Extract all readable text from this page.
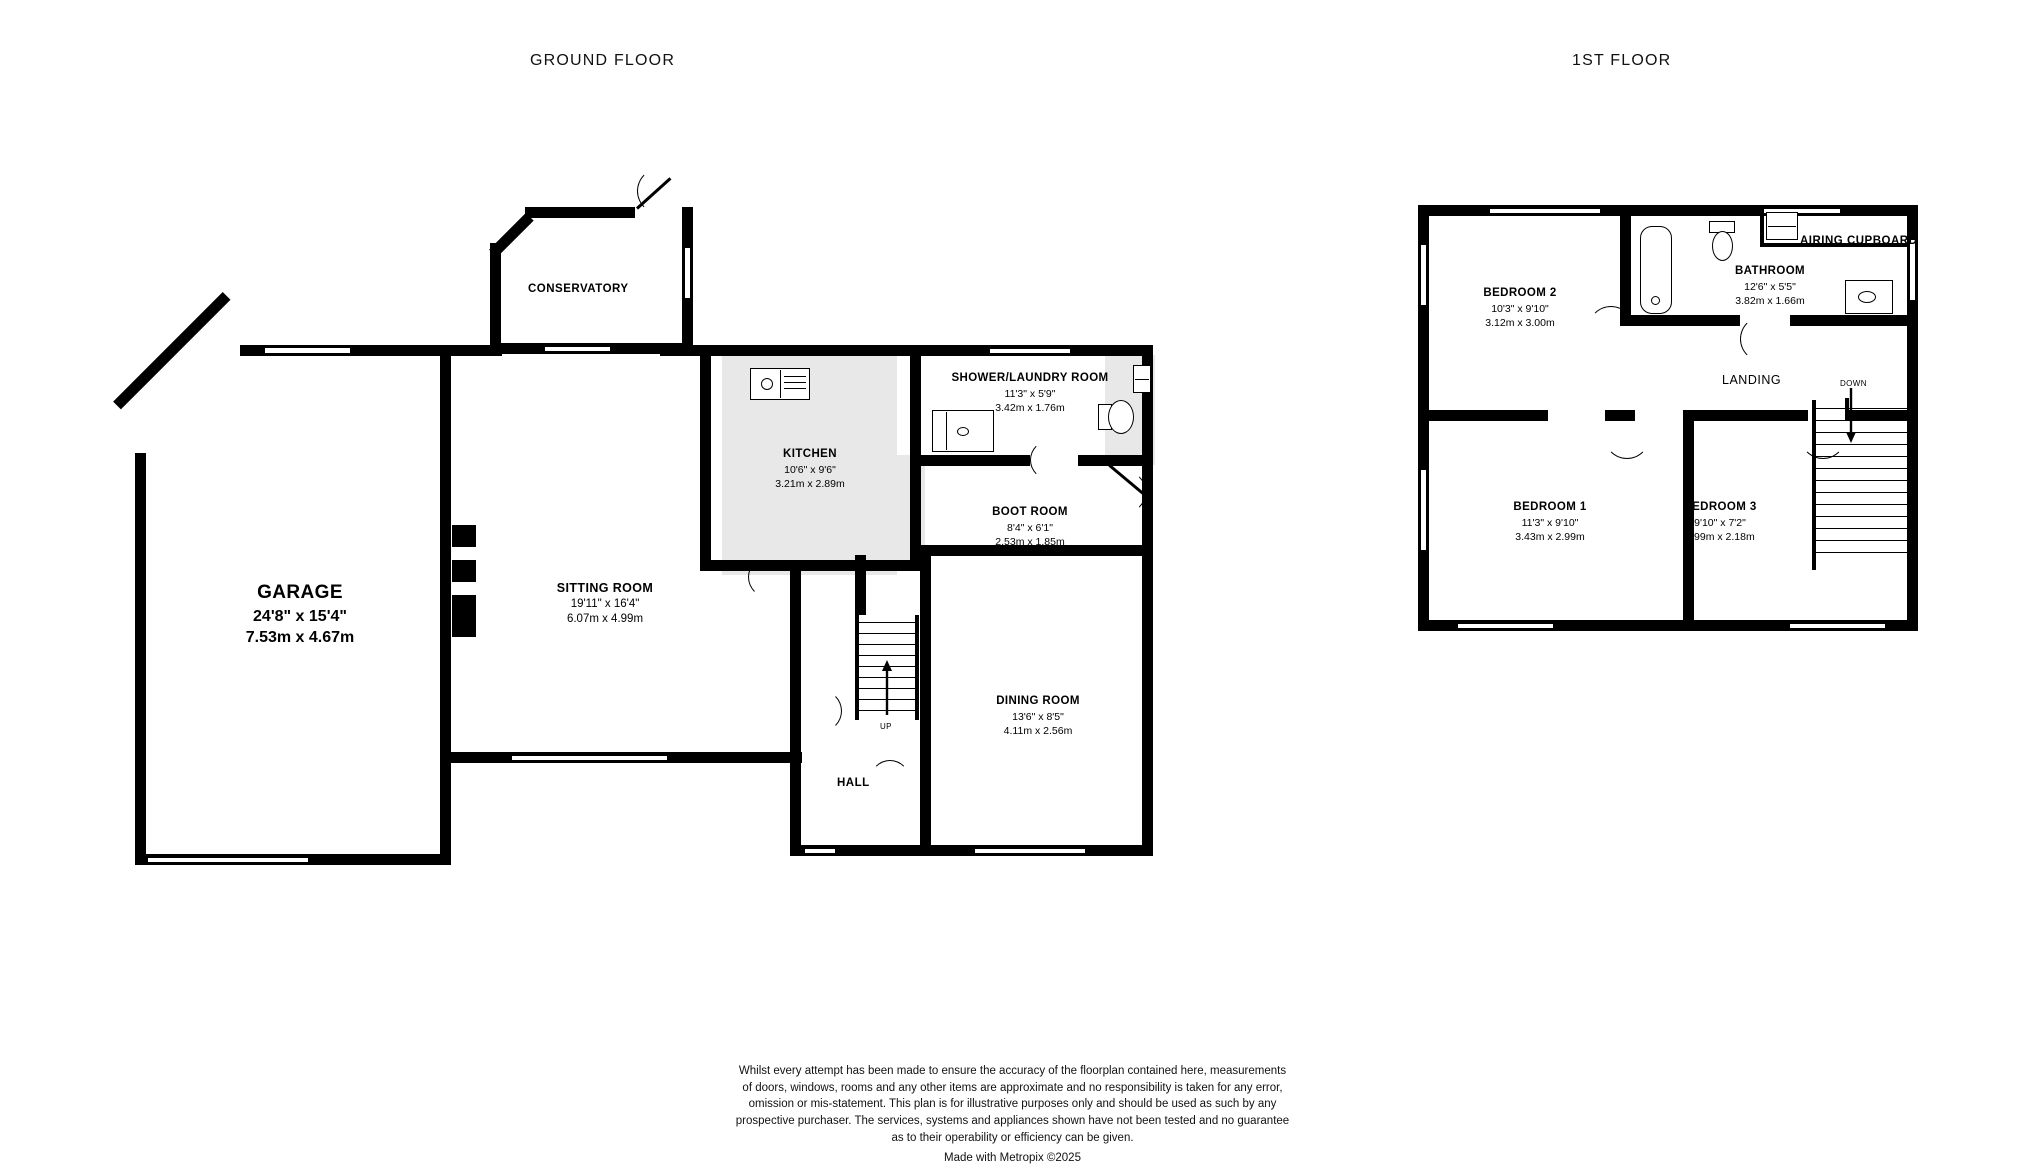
GROUND FLOOR	1ST FLOOR
UP
GARAGE
24'8" x 15'4"
7.53m x 4.67m
CONSERVATORY
SITTING ROOM
19'11" x 16'4"
6.07m x 4.99m
KITCHEN
10'6" x 9'6"
3.21m x 2.89m
SHOWER/LAUNDRY ROOM
11'3" x 5'9"
3.42m x 1.76m
BOOT ROOM
8'4" x 6'1"
2.53m x 1.85m
DINING ROOM
13'6" x 8'5"
4.11m x 2.56m
HALL
DOWN
BEDROOM 2
10'3" x 9'10"
3.12m x 3.00m
BATHROOM
12'6" x 5'5"
3.82m x 1.66m
BEDROOM 1
11'3" x 9'10"
3.43m x 2.99m
BEDROOM 3
9'10" x 7'2"
2.99m x 2.18m
AIRING CUPBOARD
LANDING
Whilst every attempt has been made to ensure the accuracy of the floorplan contained here, measurements
of doors, windows, rooms and any other items are approximate and no responsibility is taken for any error,
omission or mis-statement. This plan is for illustrative purposes only and should be used as such by any
prospective purchaser. The services, systems and appliances shown have not been tested and no guarantee
as to their operability or efficiency can be given.
Made with Metropix ©2025
